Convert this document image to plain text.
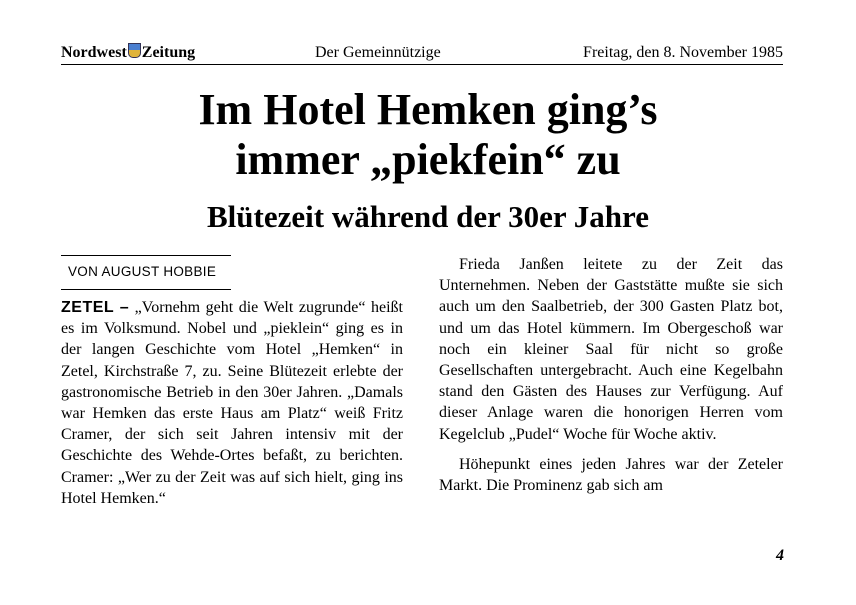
Nordwest Zeitung	Der Gemeinnützige	Freitag, den 8. November 1985
Im Hotel Hemken ging’s
immer „piekfein“ zu
Blütezeit während der 30er Jahre
VON AUGUST HOBBIE

ZETEL – „Vornehm geht die Welt zugrunde“ heißt es im Volksmund. Nobel und „pieklein“ ging es in der langen Geschichte vom Hotel „Hemken“ in Zetel, Kirchstraße 7, zu. Seine Blütezeit erlebte der gastronomische Betrieb in den 30er Jahren. „Damals war Hemken das erste Haus am Platz“ weiß Fritz Cramer, der sich seit Jahren intensiv mit der Geschichte des Wehde-Ortes befaßt, zu berichten. Cramer: „Wer zu der Zeit was auf sich hielt, ging ins Hotel Hemken.“

Frieda Janßen leitete zu der Zeit das Unternehmen. Neben der Gaststätte mußte sie sich auch um den Saalbetrieb, der 300 Gasten Platz bot, und um das Hotel kümmern. Im Obergeschoß war noch ein kleiner Saal für nicht so große Gesellschaften untergebracht. Auch eine Kegelbahn stand den Gästen des Hauses zur Verfügung. Auf dieser Anlage waren die honorigen Herren vom Kegelclub „Pudel“ Woche für Woche aktiv.

Höhepunkt eines jeden Jahres war der Zeteler Markt. Die Prominenz gab sich am

4
